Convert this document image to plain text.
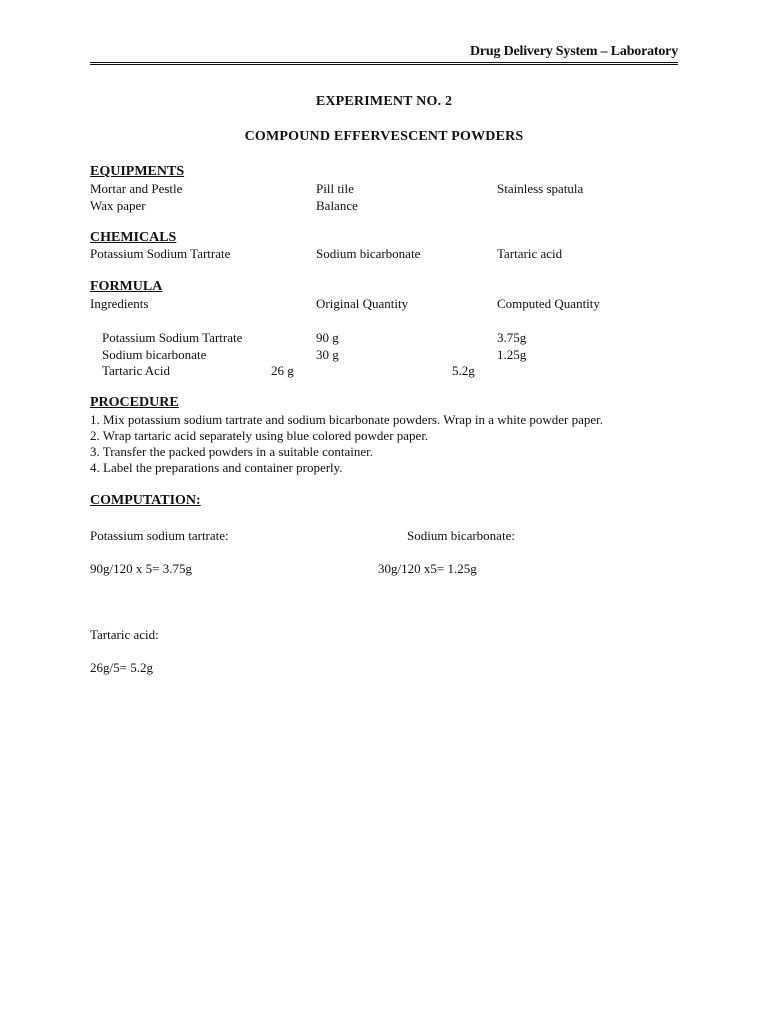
Drug Delivery System – Laboratory
EXPERIMENT NO. 2
COMPOUND EFFERVESCENT POWDERS
EQUIPMENTS
Mortar and Pestle	Pill tile	Stainless spatula
Wax paper	Balance
CHEMICALS
Potassium Sodium Tartrate	Sodium bicarbonate	Tartaric acid
FORMULA
Ingredients	Original Quantity	Computed Quantity
Potassium Sodium Tartrate	90 g	3.75g
Sodium bicarbonate	30 g	1.25g
Tartaric Acid	26 g	5.2g
PROCEDURE
1. Mix potassium sodium tartrate and sodium bicarbonate powders. Wrap in a white powder paper.
2. Wrap tartaric acid separately using blue colored powder paper.
3. Transfer the packed powders in a suitable container.
4. Label the preparations and container properly.
COMPUTATION:
Potassium sodium tartrate:	Sodium bicarbonate:
90g/120 x 5= 3.75g	30g/120 x5= 1.25g
Tartaric acid:
26g/5= 5.2g
